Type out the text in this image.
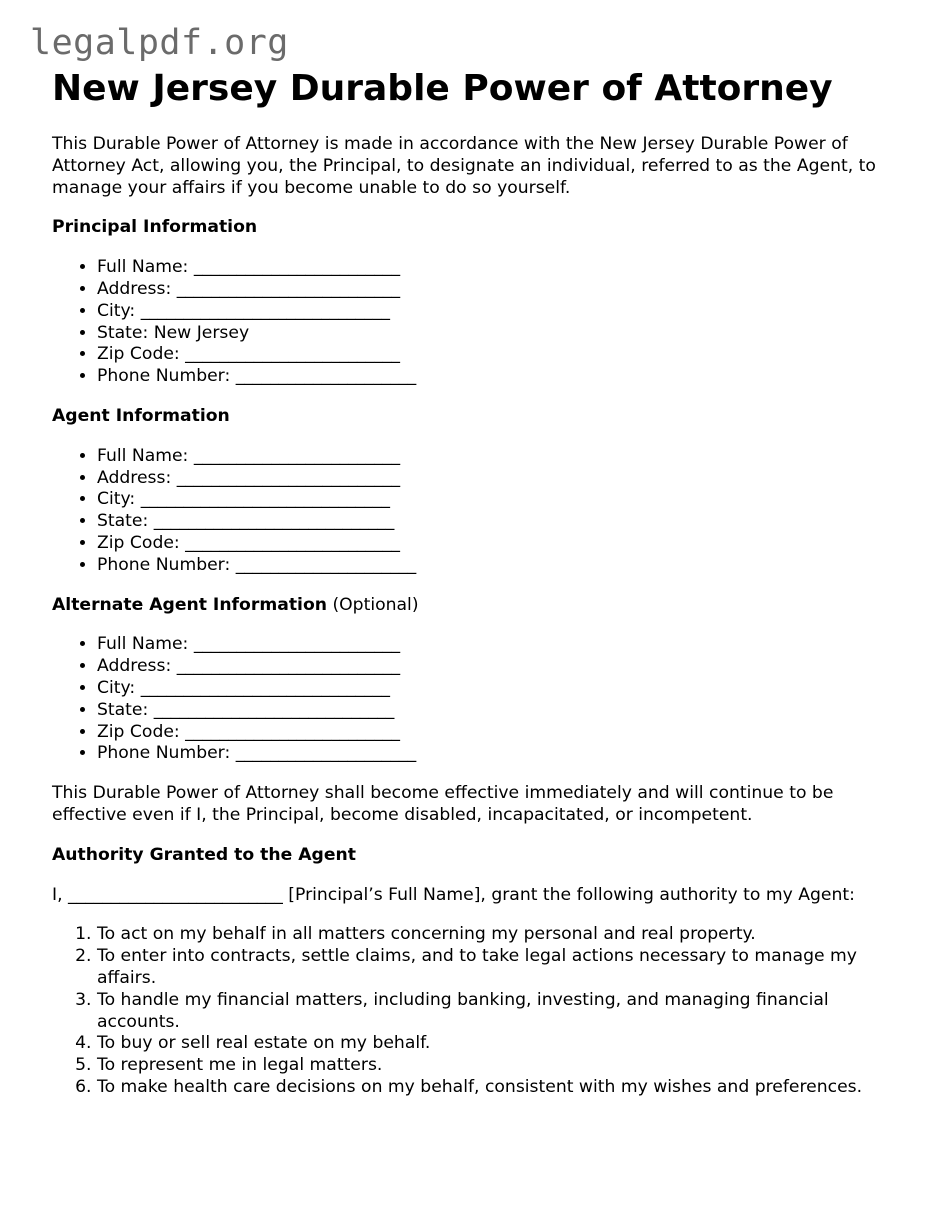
legalpdf.org
New Jersey Durable Power of Attorney

This Durable Power of Attorney is made in accordance with the New Jersey Durable Power of Attorney Act, allowing you, the Principal, to designate an individual, referred to as the Agent, to manage your affairs if you become unable to do so yourself.

Principal Information
• Full Name: ________________________
• Address: __________________________
• City: _____________________________
• State: New Jersey
• Zip Code: _________________________
• Phone Number: _____________________
Agent Information
• Full Name: ________________________
• Address: __________________________
• City: _____________________________
• State: ____________________________
• Zip Code: _________________________
• Phone Number: _____________________
Alternate Agent Information (Optional)
• Full Name: ________________________
• Address: __________________________
• City: _____________________________
• State: ____________________________
• Zip Code: _________________________
• Phone Number: _____________________

This Durable Power of Attorney shall become effective immediately and will continue to be effective even if I, the Principal, become disabled, incapacitated, or incompetent.

Authority Granted to the Agent

I, _________________________ [Principal’s Full Name], grant the following authority to my Agent:

1. To act on my behalf in all matters concerning my personal and real property.
2. To enter into contracts, settle claims, and to take legal actions necessary to manage my affairs.
3. To handle my financial matters, including banking, investing, and managing financial accounts.
4. To buy or sell real estate on my behalf.
5. To represent me in legal matters.
6. To make health care decisions on my behalf, consistent with my wishes and preferences.
